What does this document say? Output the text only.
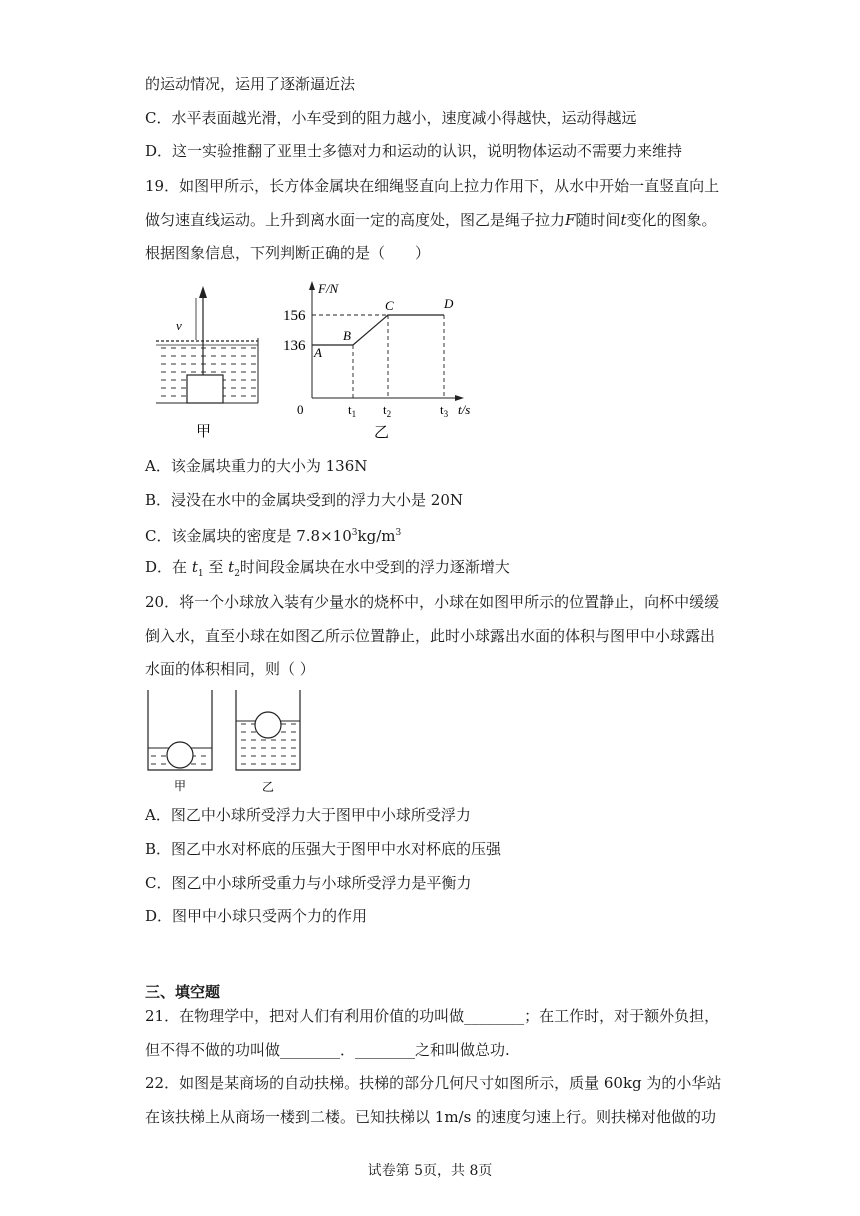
的运动情况，运用了逐渐逼近法
C．水平表面越光滑，小车受到的阻力越小，速度减小得越快，运动得越远
D．这一实验推翻了亚里士多德对力和运动的认识，说明物体运动不需要力来维持
19．如图甲所示，长方体金属块在细绳竖直向上拉力作用下，从水中开始一直竖直向上
做匀速直线运动。上升到离水面一定的高度处，图乙是绳子拉力F随时间t变化的图象。
根据图象信息，下列判断正确的是（　　）
v
甲
F/N
t/s
0
156
136 A
B
C	D
$t_1$ $t_2$	$t_3$
乙
甲	乙
A．该金属块重力的大小为 136N
B．浸没在水中的金属块受到的浮力大小是 20N
C．该金属块的密度是 $7.8\times 10^3kg/m^3$
D．在 $t_1$ 至 $t_2$时间段金属块在水中受到的浮力逐渐增大
20．将一个小球放入装有少量水的烧杯中，小球在如图甲所示的位置静止，向杯中缓缓
倒入水，直至小球在如图乙所示位置静止，此时小球露出水面的体积与图甲中小球露出
水面的体积相同，则（ ）
A．图乙中小球所受浮力大于图甲中小球所受浮力
B．图乙中水对杯底的压强大于图甲中水对杯底的压强
C．图乙中小球所受重力与小球所受浮力是平衡力
D．图甲中小球只受两个力的作用
三、填空题
21．在物理学中，把对人们有利用价值的功叫做________；在工作时，对于额外负担，
但不得不做的功叫做________．________之和叫做总功.
22．如图是某商场的自动扶梯。扶梯的部分几何尺寸如图所示，质量 60kg 为的小华站
在该扶梯上从商场一楼到二楼。已知扶梯以 1m/s 的速度匀速上行。则扶梯对他做的功
试卷第 5页，共 8页
